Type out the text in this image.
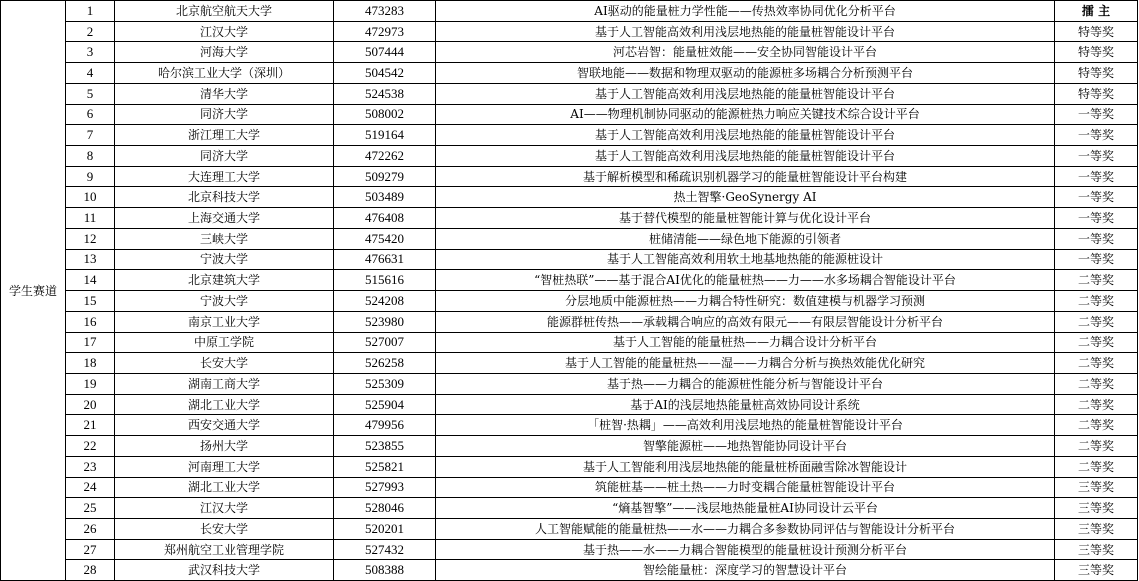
学生赛道	1	北京航空航天大学	473283	AI驱动的能量桩力学性能——传热效率协同优化分析平台	擂 主
	2	江汉大学	472973	基于人工智能高效利用浅层地热能的能量桩智能设计平台	特等奖
	3	河海大学	507444	河芯岩智：能量桩效能——安全协同智能设计平台	特等奖
	4	哈尔滨工业大学（深圳）	504542	智联地能——数据和物理双驱动的能源桩多场耦合分析预测平台	特等奖
	5	清华大学	524538	基于人工智能高效利用浅层地热能的能量桩智能设计平台	特等奖
	6	同济大学	508002	AI——物理机制协同驱动的能源桩热力响应关键技术综合设计平台	一等奖
	7	浙江理工大学	519164	基于人工智能高效利用浅层地热能的能量桩智能设计平台	一等奖
	8	同济大学	472262	基于人工智能高效利用浅层地热能的能量桩智能设计平台	一等奖
	9	大连理工大学	509279	基于解析模型和稀疏识别机器学习的能量桩智能设计平台构建	一等奖
	10	北京科技大学	503489	热土智擎·GeoSynergy AI	一等奖
	11	上海交通大学	476408	基于替代模型的能量桩智能计算与优化设计平台	一等奖
	12	三峡大学	475420	桩储清能——绿色地下能源的引领者	一等奖
	13	宁波大学	476631	基于人工智能高效利用软土地基地热能的能源桩设计	一等奖
	14	北京建筑大学	515616	“智桩热联”——基于混合AI优化的能量桩热——力——水多场耦合智能设计平台	二等奖
	15	宁波大学	524208	分层地质中能源桩热——力耦合特性研究：数值建模与机器学习预测	二等奖
	16	南京工业大学	523980	能源群桩传热——承载耦合响应的高效有限元——有限层智能设计分析平台	二等奖
	17	中原工学院	527007	基于人工智能的能量桩热——力耦合设计分析平台	二等奖
	18	长安大学	526258	基于人工智能的能量桩热——湿——力耦合分析与换热效能优化研究	二等奖
	19	湖南工商大学	525309	基于热——力耦合的能源桩性能分析与智能设计平台	二等奖
	20	湖北工业大学	525904	基于AI的浅层地热能量桩高效协同设计系统	二等奖
	21	西安交通大学	479956	「桩智·热耦」——高效利用浅层地热的能量桩智能设计平台	二等奖
	22	扬州大学	523855	智擎能源桩——地热智能协同设计平台	二等奖
	23	河南理工大学	525821	基于人工智能利用浅层地热能的能量桩桥面融雪除冰智能设计	二等奖
	24	湖北工业大学	527993	筑能桩基——桩土热——力时变耦合能量桩智能设计平台	三等奖
	25	江汉大学	528046	“熵基智擎”——浅层地热能量桩AI协同设计云平台	三等奖
	26	长安大学	520201	人工智能赋能的能量桩热——水——力耦合多参数协同评估与智能设计分析平台	三等奖
	27	郑州航空工业管理学院	527432	基于热——水——力耦合智能模型的能量桩设计预测分析平台	三等奖
	28	武汉科技大学	508388	智绘能量桩：深度学习的智慧设计平台	三等奖
